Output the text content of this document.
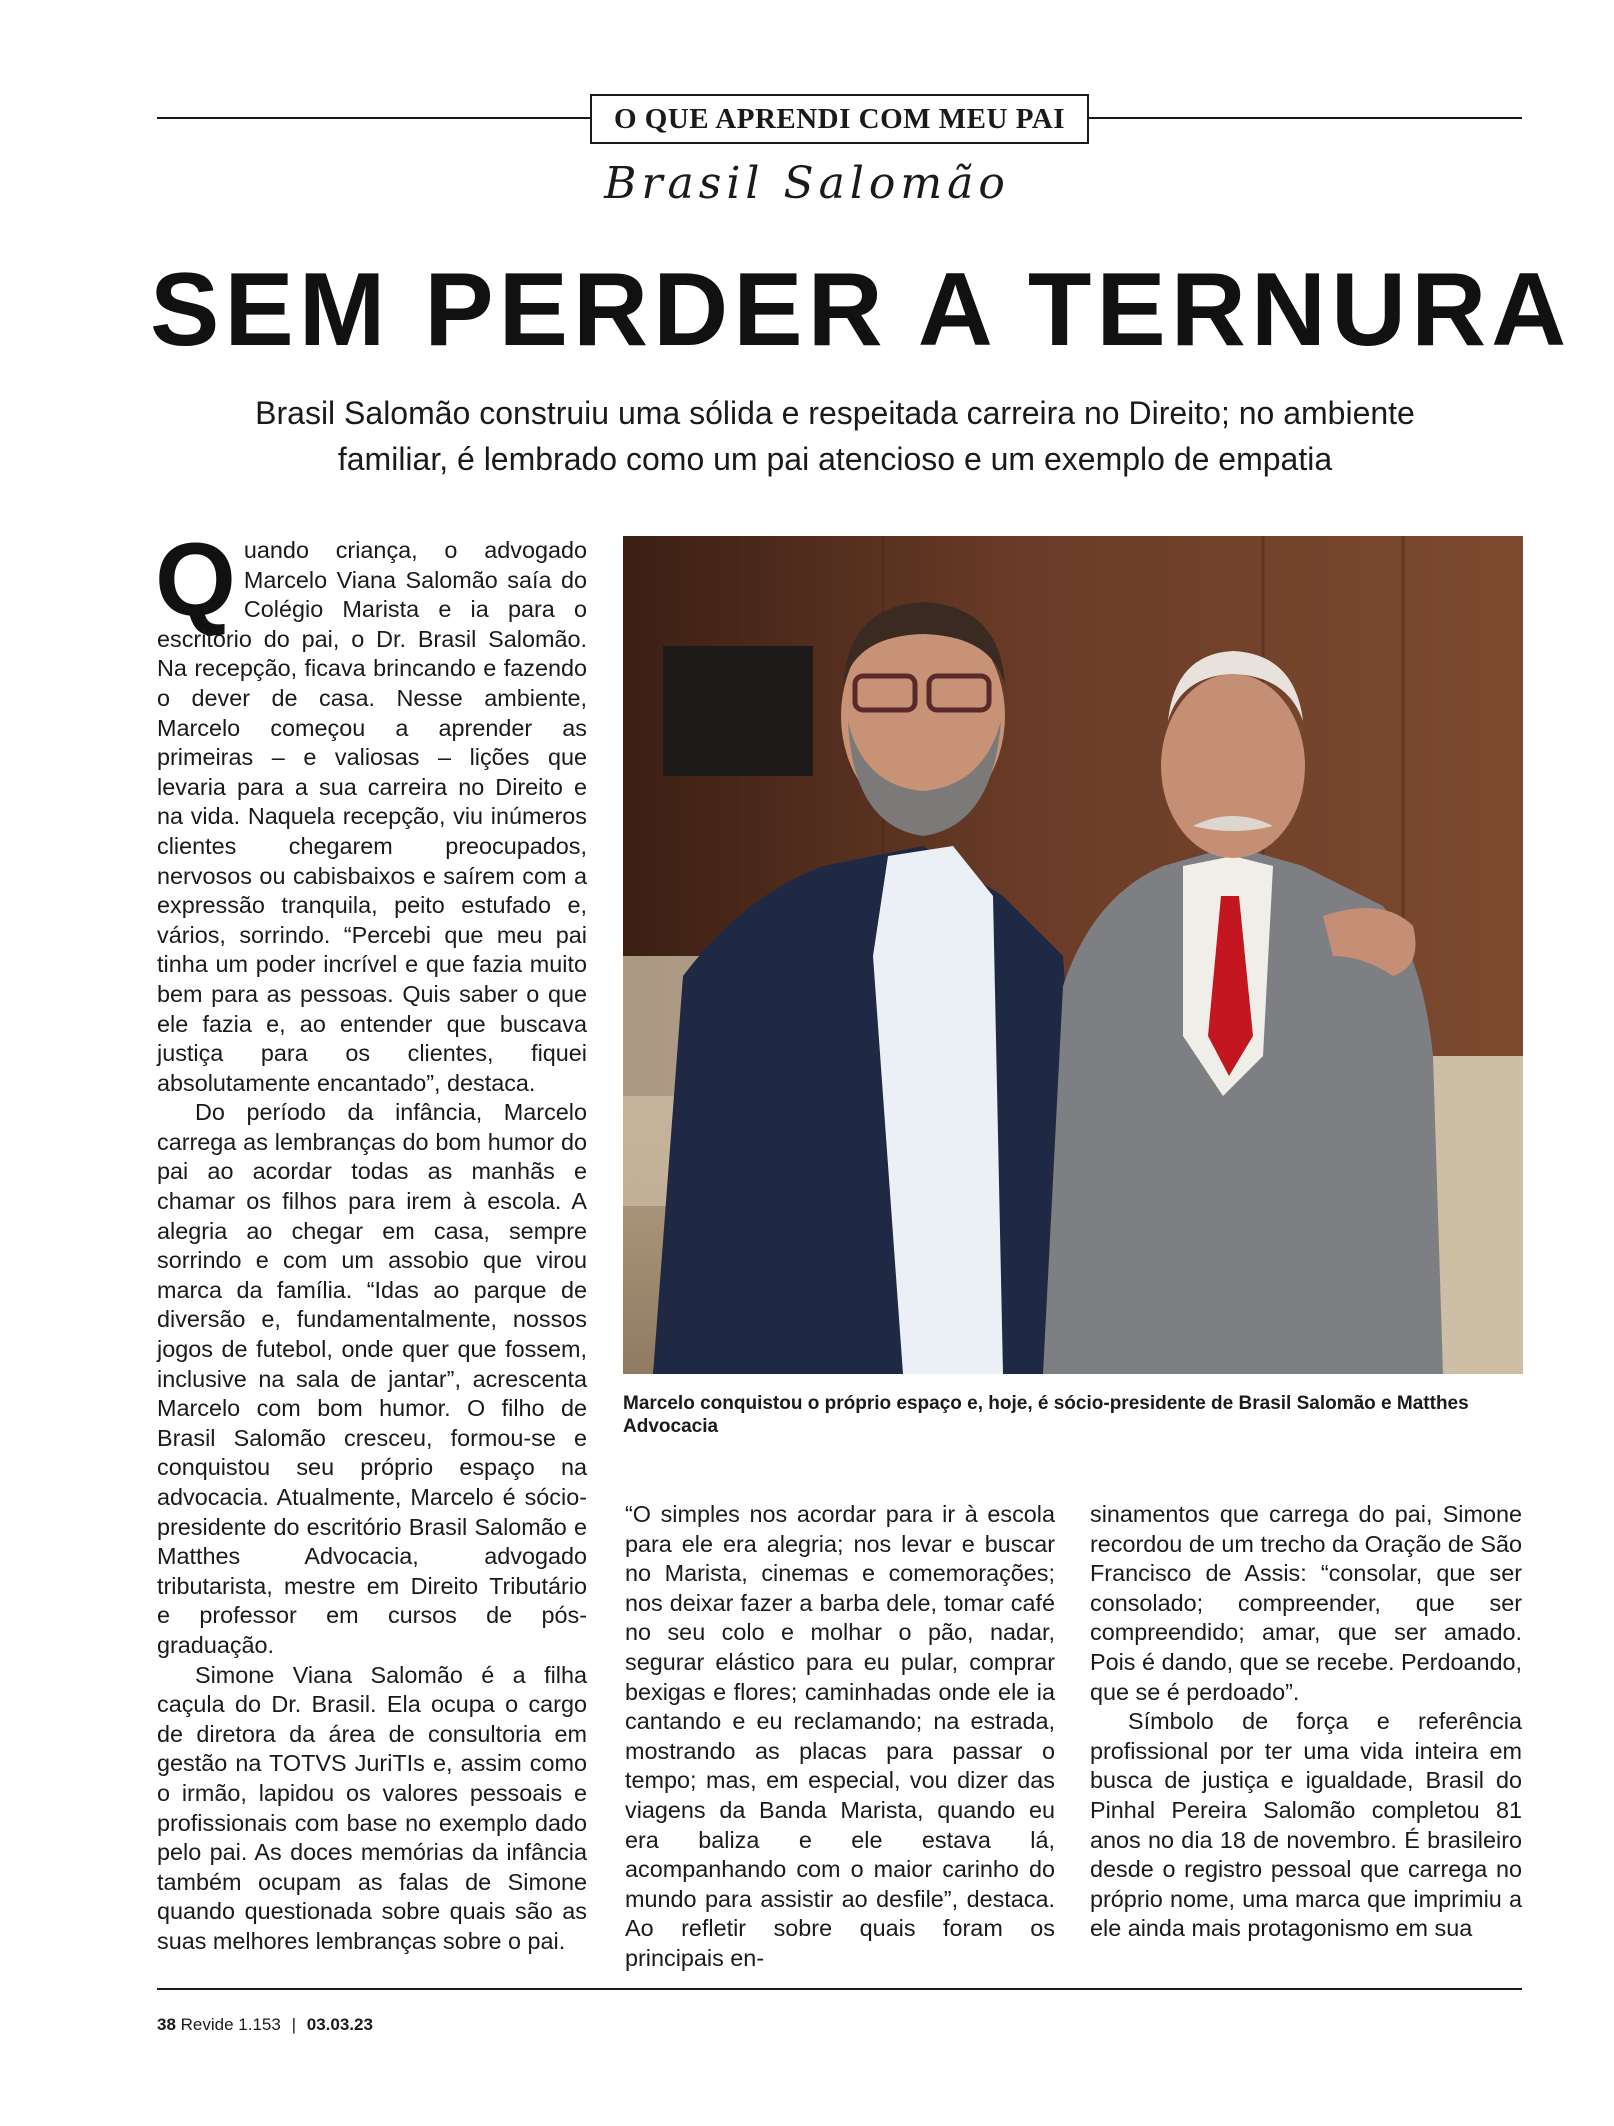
O QUE APRENDI COM MEU PAI
Brasil Salomão
SEM PERDER A TERNURA
Brasil Salomão construiu uma sólida e respeitada carreira no Direito; no ambiente familiar, é lembrado como um pai atencioso e um exemplo de empatia

Quando criança, o advogado Marcelo Viana Salomão saía do Colégio Marista e ia para o escritório do pai, o Dr. Brasil Salomão. Na recepção, ficava brincando e fazendo o dever de casa. Nesse ambiente, Marcelo começou a aprender as primeiras – e valiosas – lições que levaria para a sua carreira no Direito e na vida. Naquela recepção, viu inúmeros clientes chegarem preocupados, nervosos ou cabisbaixos e saírem com a expressão tranquila, peito estufado e, vários, sorrindo. “Percebi que meu pai tinha um poder incrível e que fazia muito bem para as pessoas. Quis saber o que ele fazia e, ao entender que buscava justiça para os clientes, fiquei absolutamente encantado”, destaca.

Do período da infância, Marcelo carrega as lembranças do bom humor do pai ao acordar todas as manhãs e chamar os filhos para irem à escola. A alegria ao chegar em casa, sempre sorrindo e com um assobio que virou marca da família. “Idas ao parque de diversão e, fundamentalmente, nossos jogos de futebol, onde quer que fossem, inclusive na sala de jantar”, acrescenta Marcelo com bom humor. O filho de Brasil Salomão cresceu, formou-se e conquistou seu próprio espaço na advocacia. Atualmente, Marcelo é sócio-presidente do escritório Brasil Salomão e Matthes Advocacia, advogado tributarista, mestre em Direito Tributário e professor em cursos de pós-graduação.

Simone Viana Salomão é a filha caçula do Dr. Brasil. Ela ocupa o cargo de diretora da área de consultoria em gestão na TOTVS JuriTIs e, assim como o irmão, lapidou os valores pessoais e profissionais com base no exemplo dado pelo pai. As doces memórias da infância também ocupam as falas de Simone quando questionada sobre quais são as suas melhores lembranças sobre o pai.

Marcelo conquistou o próprio espaço e, hoje, é sócio-presidente de Brasil Salomão e Matthes Advocacia

“O simples nos acordar para ir à escola para ele era alegria; nos levar e buscar no Marista, cinemas e comemorações; nos deixar fazer a barba dele, tomar café no seu colo e molhar o pão, nadar, segurar elástico para eu pular, comprar bexigas e flores; caminhadas onde ele ia cantando e eu reclamando; na estrada, mostrando as placas para passar o tempo; mas, em especial, vou dizer das viagens da Banda Marista, quando eu era baliza e ele estava lá, acompanhando com o maior carinho do mundo para assistir ao desfile”, destaca. Ao refletir sobre quais foram os principais en-

sinamentos que carrega do pai, Simone recordou de um trecho da Oração de São Francisco de Assis: “consolar, que ser consolado; compreender, que ser compreendido; amar, que ser amado. Pois é dando, que se recebe. Perdoando, que se é perdoado”.

Símbolo de força e referência profissional por ter uma vida inteira em busca de justiça e igualdade, Brasil do Pinhal Pereira Salomão completou 81 anos no dia 18 de novembro. É brasileiro desde o registro pessoal que carrega no próprio nome, uma marca que imprimiu a ele ainda mais protagonismo em sua

38 Revide 1.153 | 03.03.23
